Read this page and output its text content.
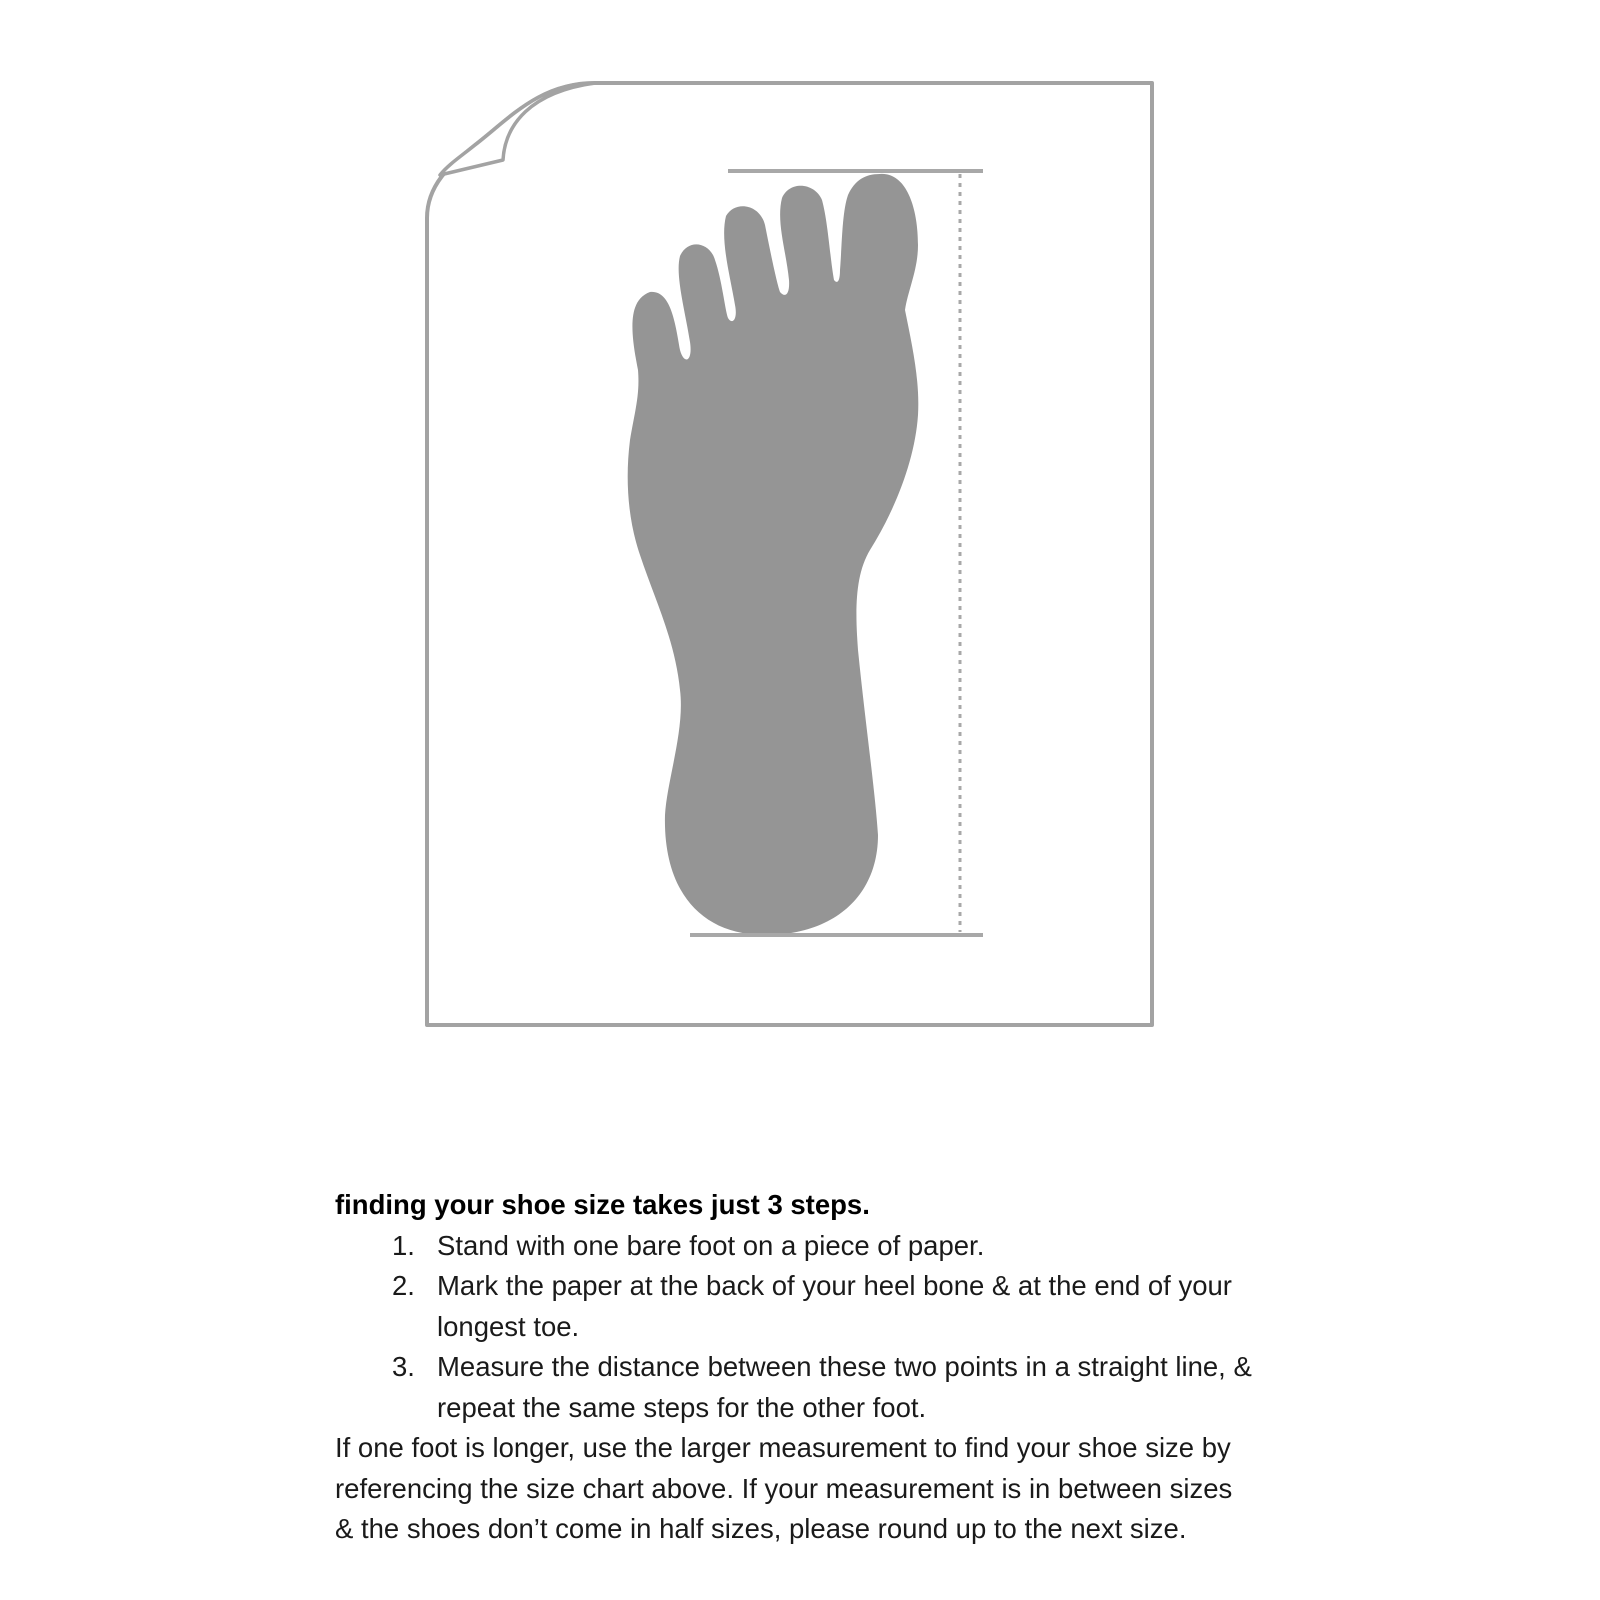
finding your shoe size takes just 3 steps.

1. Stand with one bare foot on a piece of paper.
2. Mark the paper at the back of your heel bone & at the end of your longest toe.
3. Measure the distance between these two points in a straight line, & repeat the same steps for the other foot.

If one foot is longer, use the larger measurement to find your shoe size by referencing the size chart above. If your measurement is in between sizes & the shoes don’t come in half sizes, please round up to the next size.
